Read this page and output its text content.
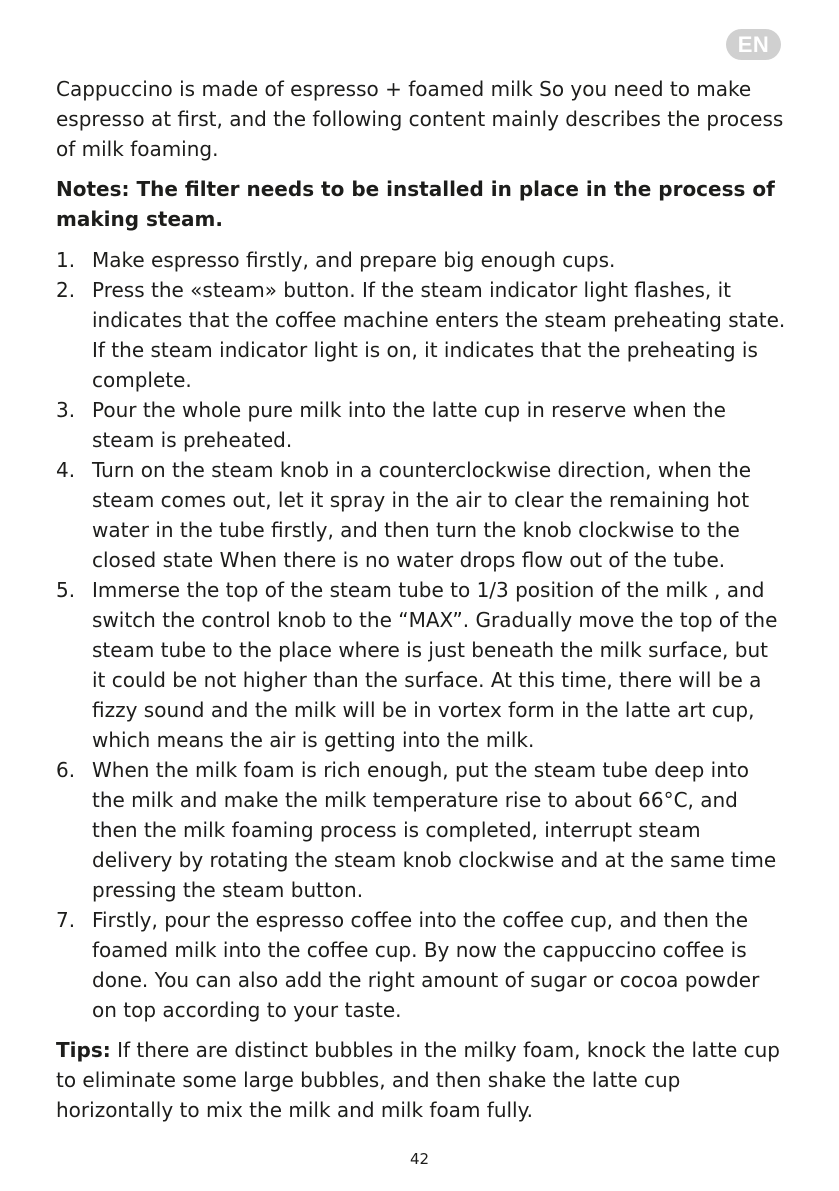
EN

Cappuccino is made of espresso + foamed milk So you need to make espresso at first, and the following content mainly describes the process of milk foaming.

Notes: The filter needs to be installed in place in the process of making steam.

1. Make espresso firstly, and prepare big enough cups.
2. Press the «steam» button. If the steam indicator light flashes, it indicates that the coffee machine enters the steam preheating state. If the steam indicator light is on, it indicates that the preheating is complete.
3. Pour the whole pure milk into the latte cup in reserve when the steam is preheated.
4. Turn on the steam knob in a counterclockwise direction, when the steam comes out, let it spray in the air to clear the remaining hot water in the tube firstly, and then turn the knob clockwise to the closed state When there is no water drops flow out of the tube.
5. Immerse the top of the steam tube to 1/3 position of the milk , and switch the control knob to the “MAX”. Gradually move the top of the steam tube to the place where is just beneath the milk surface, but it could be not higher than the surface. At this time, there will be a fizzy sound and the milk will be in vortex form in the latte art cup, which means the air is getting into the milk.
6. When the milk foam is rich enough, put the steam tube deep into the milk and make the milk temperature rise to about 66°C, and then the milk foaming process is completed, interrupt steam delivery by rotating the steam knob clockwise and at the same time pressing the steam button.
7. Firstly, pour the espresso coffee into the coffee cup, and then the foamed milk into the coffee cup. By now the cappuccino coffee is done. You can also add the right amount of sugar or cocoa powder on top according to your taste.

Tips: If there are distinct bubbles in the milky foam, knock the latte cup to eliminate some large bubbles, and then shake the latte cup horizontally to mix the milk and milk foam fully.

42
